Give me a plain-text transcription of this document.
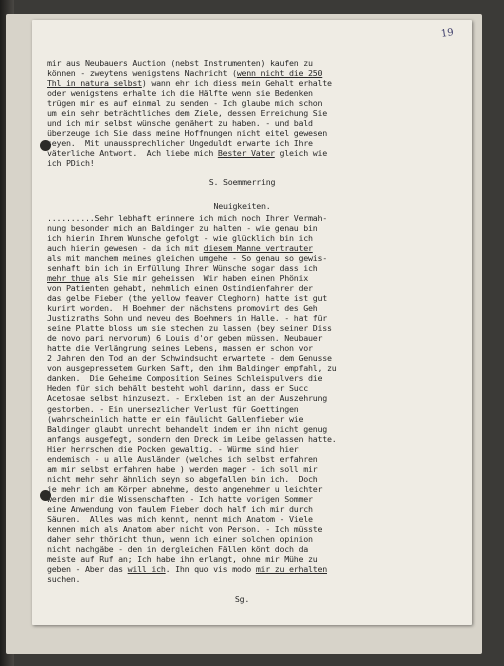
19
mir aus Neubauers Auction (nebst Instrumenten) kaufen zu
können - zweytens wenigstens Nachricht (wenn nicht die 250
Thl in natura selbst) wann ehr ich diess mein Gehalt erhalte
oder wenigstens erhalte ich die Hälfte wenn sie Bedenken
trügen mir es auf einmal zu senden - Ich glaube mich schon
um ein sehr beträchtliches dem Ziele, dessen Erreichung Sie
und ich mir selbst wünsche genähert zu haben. - und bald
überzeuge ich Sie dass meine Hoffnungen nicht eitel gewesen
seyen.  Mit unaussprechlicher Ungeduldt erwarte ich Ihre
väterliche Antwort.  Ach liebe mich Bester Vater gleich wie
ich PDich!
S. Soemmerring
Neuigkeiten.
..........Sehr lebhaft erinnere ich mich noch Ihrer Vermah-
nung besonder mich an Baldinger zu halten - wie genau bin
ich hierin Ihrem Wunsche gefolgt - wie glücklich bin ich
auch hierin gewesen - da ich mit diesem Manne vertrauter
als mit manchem meines gleichen umgehe - So genau so gewis-
senhaft bin ich in Erfüllung Ihrer Wünsche sogar dass ich
mehr thue als Sie mir geheissen  Wir haben einen Phönix
von Patienten gehabt, nehmlich einen Ostindienfahrer der
das gelbe Fieber (the yellow feaver Cleghorn) hatte ist gut
kurirt worden.  H Boehmer der nächstens promovirt des Geh
Justizraths Sohn und neveu des Boehmers in Halle. - hat für
seine Platte bloss um sie stechen zu lassen (bey seiner Diss
de novo pari nervorum) 6 Louis d'or geben müssen. Neubauer
hatte die Verlängrung seines Lebens, massen er schon vor
2 Jahren den Tod an der Schwindsucht erwartete - dem Genusse
von ausgepressetem Gurken Saft, den ihm Baldinger empfahl, zu
danken.  Die Geheime Composition Seines Schleispulvers die
Heden für sich behält besteht wohl darinn, dass er Succ
Acetosae selbst hinzusezt. - Erxleben ist an der Auszehrung
gestorben. - Ein unersezlicher Verlust für Goettingen
(wahrscheinlich hatte er ein fäulicht Gallenfieber wie
Baldinger glaubt unrecht behandelt indem er ihn nicht genug
anfangs ausgefegt, sondern den Dreck im Leibe gelassen hatte.
Hier herrschen die Pocken gewaltig. - Würme sind hier
endemisch - u alle Ausländer (welches ich selbst erfahren
am mir selbst erfahren habe ) werden mager - ich soll mir
nicht mehr sehr ähnlich seyn so abgefallen bin ich.  Doch
je mehr ich am Körper abnehme, desto angenehmer u leichter
werden mir die Wissenschaften - Ich hatte vorigen Sommer
eine Anwendung von faulem Fieber doch half ich mir durch
Säuren.  Alles was mich kennt, nennt mich Anatom - Viele
kennen mich als Anatom aber nicht von Person. - Ich müsste
daher sehr thöricht thun, wenn ich einer solchen opinion
nicht nachgäbe - den in dergleichen Fällen könt doch da
meiste auf Ruf an; Ich habe ihn erlangt, ohne mir Mühe zu
geben - Aber das will ich. Ihn quo vis modo mir zu erhalten
suchen.
Sg.
